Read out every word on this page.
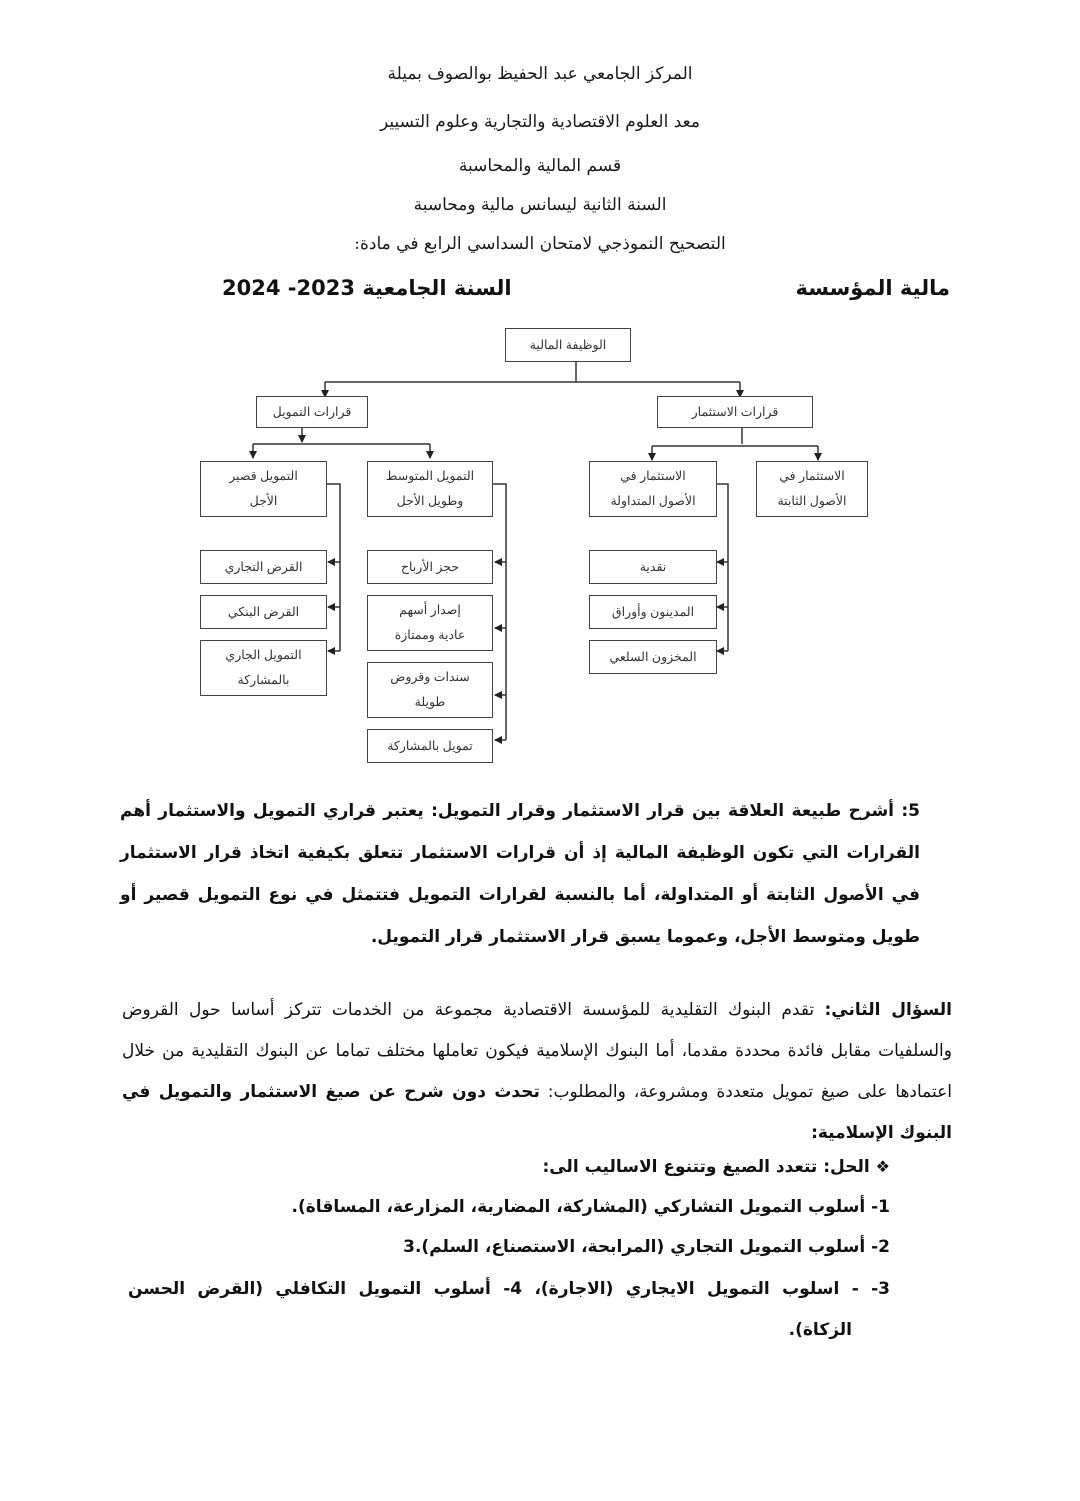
المركز الجامعي عبد الحفيظ بوالصوف بميلة
معد العلوم الاقتصادية والتجارية وعلوم التسيير
قسم المالية والمحاسبة
السنة الثانية ليسانس مالية ومحاسبة
التصحيح النموذجي لامتحان السداسي الرابع في مادة:
مالية المؤسسة
السنة الجامعية 2023- 2024
الوظيفة المالية
قرارات التمويل	قرارات الاستثمار
التمويل قصير
الأجل
التمويل المتوسط
وطويل الأجل
الاستثمار في
الأصول المتداولة
الاستثمار في
الأصول الثابتة
القرض التجاري
القرض البنكي
التمويل الجاري بالمشاركة
حجز الأرباح
إصدار أسهم عادية وممتازة
سندات وقروض طويلة
تمويل بالمشاركة
نقدية
المدينون وأوراق
المخزون السلعي
5: أشرح طبيعة العلاقة بين قرار الاستثمار وقرار التمويل: يعتبر قراري التمويل والاستثمار أهم القرارات التي تكون الوظيفة المالية إذ أن قرارات الاستثمار تتعلق بكيفية اتخاذ قرار الاستثمار في الأصول الثابتة أو المتداولة، أما بالنسبة لقرارات التمويل فتتمثل في نوع التمويل قصير أو طويل ومتوسط الأجل، وعموما يسبق قرار الاستثمار قرار التمويل.
السؤال الثاني: تقدم البنوك التقليدية للمؤسسة الاقتصادية مجموعة من الخدمات تتركز أساسا حول القروض والسلفيات مقابل فائدة محددة مقدما، أما البنوك الإسلامية فيكون تعاملها مختلف تماما عن البنوك التقليدية من خلال اعتمادها على صيغ تمويل متعددة ومشروعة، والمطلوب: تحدث دون شرح عن صيغ الاستثمار والتمويل في البنوك الإسلامية:
❖الحل: تتعدد الصيغ وتتنوع الاساليب الى:
1- أسلوب التمويل التشاركي (المشاركة، المضاربة، المزارعة، المساقاة).
2- أسلوب التمويل التجاري (المرابحة، الاستصناع، السلم).3
3- - اسلوب التمويل الايجاري (الاجارة)، 4- أسلوب التمويل التكافلي (القرض الحسن
الزكاة).
